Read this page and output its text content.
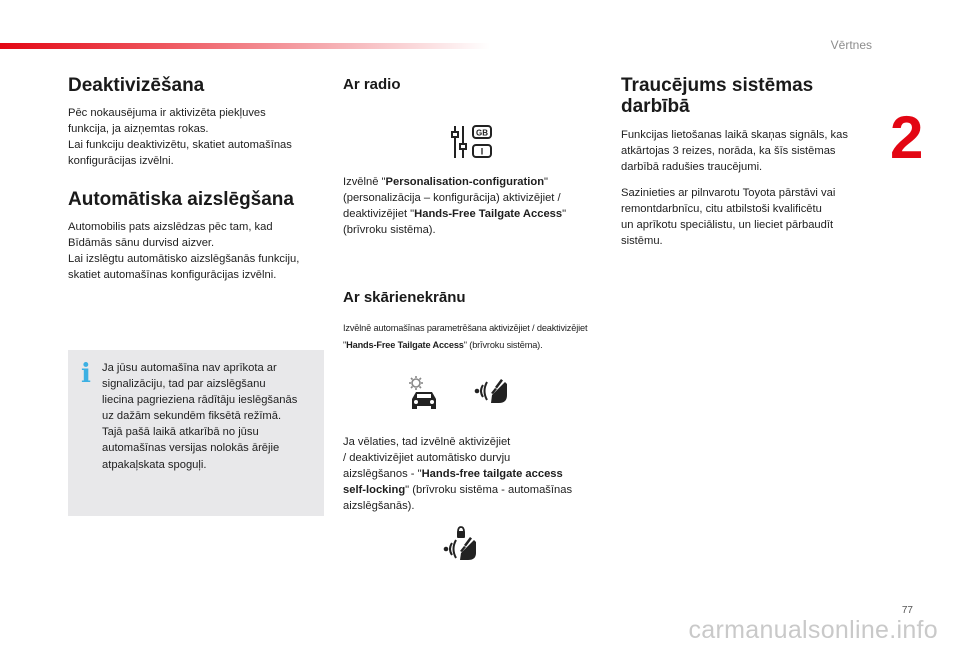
Vērtnes
2
Deaktivizēšana

Pēc nokausējuma ir aktivizēta piekļuves
funkcija, ja aizņemtas rokas.
Lai funkciju deaktivizētu, skatiet automašīnas
konfigurācijas izvēlni.

Automātiska aizslēgšana

Automobilis pats aizslēdzas pēc tam, kad
Bīdāmās sānu durvisd aizver.
Lai izslēgtu automātisko aizslēgšanās funkciju,
skatiet automašīnas konfigurācijas izvēlni.

i Ja jūsu automašīna nav aprīkota ar
signalizāciju, tad par aizslēgšanu
liecina pagrieziena rādītāju ieslēgšanās
uz dažām sekundēm fiksētā režīmā.
Tajā pašā laikā atkarībā no jūsu
automašīnas versijas nolokās ārējie
atpakaļskata spoguļi.

Ar radio
GB
I

Izvēlnē "Personalisation-configuration"
(personalizācija – konfigurācija) aktivizējiet /
deaktivizējiet "Hands-Free Tailgate Access"
(brīvroku sistēma).

Ar skārienekrānu
Izvēlnē automašīnas parametrēšana aktivizējiet / deaktivizējiet
"Hands-Free Tailgate Access" (brīvroku sistēma).

Ja vēlaties, tad izvēlnē aktivizējiet
/ deaktivizējiet automātisko durvju
aizslēgšanos - "Hands-free tailgate access
self-locking" (brīvroku sistēma - automašīnas
aizslēgšanās).

Traucējums sistēmas
darbībā

Funkcijas lietošanas laikā skaņas signāls, kas
atkārtojas 3 reizes, norāda, ka šīs sistēmas
darbībā radušies traucējumi.

Sazinieties ar pilnvarotu Toyota pārstāvi vai
remontdarbnīcu, citu atbilstoši kvalificētu
un aprīkotu speciālistu, un lieciet pārbaudīt
sistēmu.

77
carmanualsonline.info
